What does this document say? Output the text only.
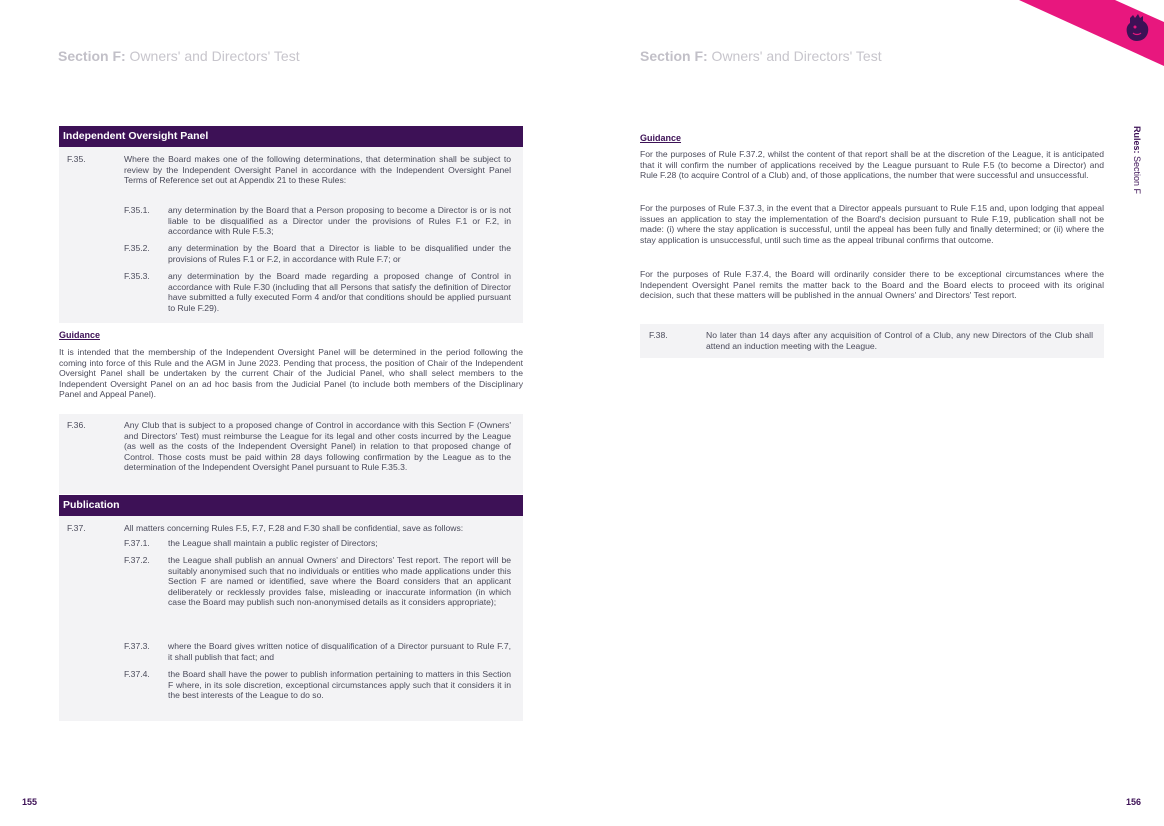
Section F: Owners' and Directors' Test
Independent Oversight Panel
F.35.	Where the Board makes one of the following determinations, that determination shall be subject to review by the Independent Oversight Panel in accordance with the Independent Oversight Panel Terms of Reference set out at Appendix 21 to these Rules:
F.35.1. any determination by the Board that a Person proposing to become a Director is or is not liable to be disqualified as a Director under the provisions of Rules F.1 or F.2, in accordance with Rule F.5.3;
F.35.2. any determination by the Board that a Director is liable to be disqualified under the provisions of Rules F.1 or F.2, in accordance with Rule F.7; or
F.35.3. any determination by the Board made regarding a proposed change of Control in accordance with Rule F.30 (including that all Persons that satisfy the definition of Director have submitted a fully executed Form 4 and/or that conditions should be applied pursuant to Rule F.29).
Guidance
It is intended that the membership of the Independent Oversight Panel will be determined in the period following the coming into force of this Rule and the AGM in June 2023. Pending that process, the position of Chair of the Independent Oversight Panel shall be undertaken by the current Chair of the Judicial Panel, who shall select members to the Independent Oversight Panel on an ad hoc basis from the Judicial Panel (to include both members of the Disciplinary Panel and Appeal Panel).
F.36.	Any Club that is subject to a proposed change of Control in accordance with this Section F (Owners' and Directors' Test) must reimburse the League for its legal and other costs incurred by the League (as well as the costs of the Independent Oversight Panel) in relation to that proposed change of Control. Those costs must be paid within 28 days following confirmation by the League as to the determination of the Independent Oversight Panel pursuant to Rule F.35.3.
Publication
F.37.	All matters concerning Rules F.5, F.7, F.28 and F.30 shall be confidential, save as follows:
F.37.1. the League shall maintain a public register of Directors;
F.37.2. the League shall publish an annual Owners' and Directors' Test report. The report will be suitably anonymised such that no individuals or entities who made applications under this Section F are named or identified, save where the Board considers that an applicant deliberately or recklessly provides false, misleading or inaccurate information (in which case the Board may publish such non-anonymised details as it considers appropriate);
F.37.3. where the Board gives written notice of disqualification of a Director pursuant to Rule F.7, it shall publish that fact; and
F.37.4. the Board shall have the power to publish information pertaining to matters in this Section F where, in its sole discretion, exceptional circumstances apply such that it considers it in the best interests of the League to do so.
155
Section F: Owners' and Directors' Test
Guidance
For the purposes of Rule F.37.2, whilst the content of that report shall be at the discretion of the League, it is anticipated that it will confirm the number of applications received by the League pursuant to Rule F.5 (to become a Director) and Rule F.28 (to acquire Control of a Club) and, of those applications, the number that were successful and unsuccessful.
For the purposes of Rule F.37.3, in the event that a Director appeals pursuant to Rule F.15 and, upon lodging that appeal issues an application to stay the implementation of the Board's decision pursuant to Rule F.19, publication shall not be made: (i) where the stay application is successful, until the appeal has been fully and finally determined; or (ii) where the stay application is unsuccessful, until such time as the appeal tribunal confirms that outcome.
For the purposes of Rule F.37.4, the Board will ordinarily consider there to be exceptional circumstances where the Independent Oversight Panel remits the matter back to the Board and the Board elects to proceed with its original decision, such that these matters will be published in the annual Owners' and Directors' Test report.
F.38.	No later than 14 days after any acquisition of Control of a Club, any new Directors of the Club shall attend an induction meeting with the League.
156
Rules: Section F
